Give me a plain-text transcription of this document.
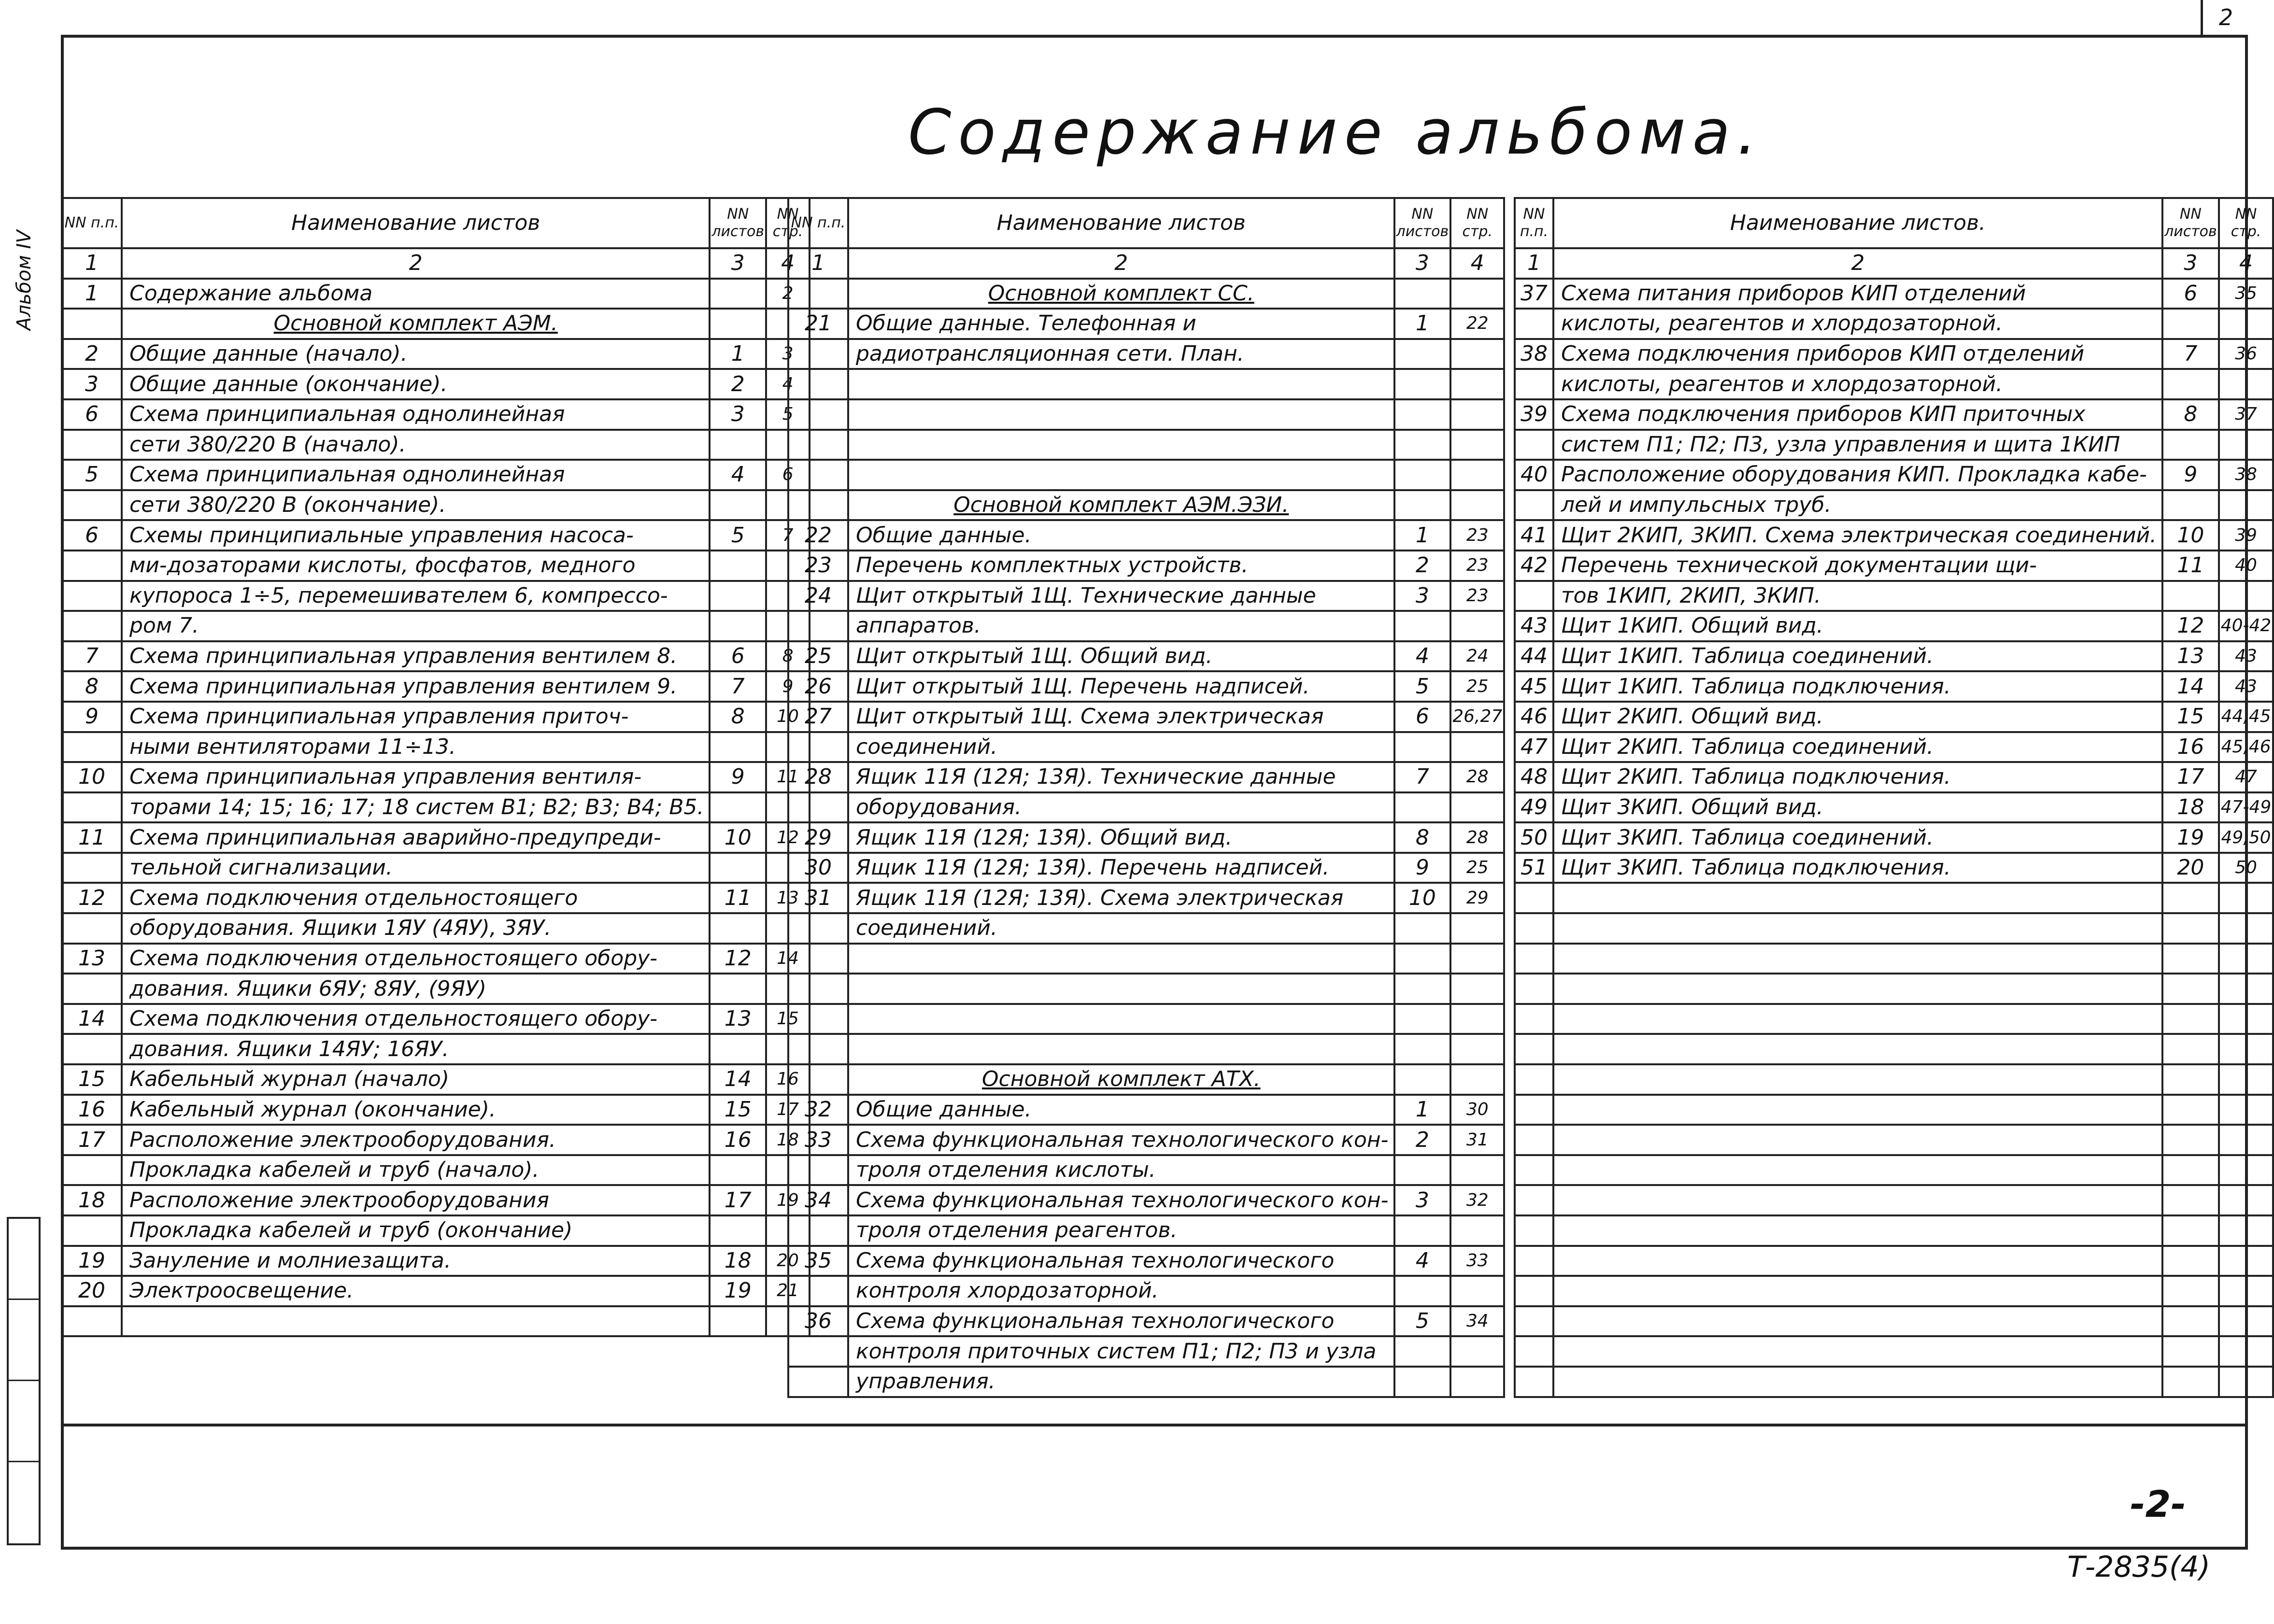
2
Содержание альбома.
Альбом IV
NN п.п.	Наименование листов	NN листов	NN стр.
1	2	3	4
1	Содержание альбома		2
	Основной комплект АЭМ.		
2	Общие данные (начало).	1	3
3	Общие данные (окончание).	2	4
6	Схема принципиальная однолинейная	3	5
	сети 380/220 В (начало).		
5	Схема принципиальная однолинейная	4	6
	сети 380/220 В (окончание).		
6	Схемы принципиальные управления насоса-	5	7
	ми-дозаторами кислоты, фосфатов, медного		
	купороса 1÷5, перемешивателем 6, компрессо-		
	ром 7.		
7	Схема принципиальная управления вентилем 8.	6	8
8	Схема принципиальная управления вентилем 9.	7	9
9	Схема принципиальная управления приточ-	8	10
	ными вентиляторами 11÷13.		
10	Схема принципиальная управления вентиля-	9	11
	торами 14; 15; 16; 17; 18 систем В1; В2; В3; В4; В5.		
11	Схема принципиальная аварийно-предупреди-	10	12
	тельной сигнализации.		
12	Схема подключения отдельностоящего	11	13
	оборудования. Ящики 1ЯУ (4ЯУ), 3ЯУ.		
13	Схема подключения отдельностоящего обору-	12	14
	дования. Ящики 6ЯУ; 8ЯУ, (9ЯУ)		
14	Схема подключения отдельностоящего обору-	13	15
	дования. Ящики 14ЯУ; 16ЯУ.		
15	Кабельный журнал (начало)	14	16
16	Кабельный журнал (окончание).	15	17
17	Расположение электрооборудования.	16	18
	Прокладка кабелей и труб (начало).		
18	Расположение электрооборудования	17	19
	Прокладка кабелей и труб (окончание)		
19	Зануление и молниезащита.	18	20
20	Электроосвещение.	19	21

NN п.п.	Наименование листов	NN листов	NN стр.
1	2	3	4
	Основной комплект СС.		
21	Общие данные. Телефонная и	1	22
	радиотрансляционная сети. План.		

	Основной комплект АЭМ.ЭЗИ.		
22	Общие данные.	1	23
23	Перечень комплектных устройств.	2	23
24	Щит открытый 1Щ. Технические данные	3	23
	аппаратов.		
25	Щит открытый 1Щ. Общий вид.	4	24
26	Щит открытый 1Щ. Перечень надписей.	5	25
27	Щит открытый 1Щ. Схема электрическая	6	26,27
	соединений.		
28	Ящик 11Я (12Я; 13Я). Технические данные	7	28
	оборудования.		
29	Ящик 11Я (12Я; 13Я). Общий вид.	8	28
30	Ящик 11Я (12Я; 13Я). Перечень надписей.	9	25
31	Ящик 11Я (12Я; 13Я). Схема электрическая	10	29
	соединений.		

	Основной комплект АТХ.		
32	Общие данные.	1	30
33	Схема функциональная технологического кон-	2	31
	троля отделения кислоты.		
34	Схема функциональная технологического кон-	3	32
	троля отделения реагентов.		
35	Схема функциональная технологического	4	33
	контроля хлордозаторной.		
36	Схема функциональная технологического	5	34
	контроля приточных систем П1; П2; П3 и узла		
	управления.		
NN п.п.	Наименование листов.	NN листов	NN стр.
1	2	3	4
37	Схема питания приборов КИП отделений	6	35
	кислоты, реагентов и хлордозаторной.		
38	Схема подключения приборов КИП отделений	7	36
	кислоты, реагентов и хлордозаторной.		
39	Схема подключения приборов КИП приточных	8	37
	систем П1; П2; П3, узла управления и щита 1КИП		
40	Расположение оборудования КИП. Прокладка кабе-	9	38
	лей и импульсных труб.		
41	Щит 2КИП, 3КИП. Схема электрическая соединений.	10	39
42	Перечень технической документации щи-	11	40
	тов 1КИП, 2КИП, 3КИП.		
43	Щит 1КИП. Общий вид.	12	40-42
44	Щит 1КИП. Таблица соединений.	13	43
45	Щит 1КИП. Таблица подключения.	14	43
46	Щит 2КИП. Общий вид.	15	44,45
47	Щит 2КИП. Таблица соединений.	16	45,46
48	Щит 2КИП. Таблица подключения.	17	47
49	Щит 3КИП. Общий вид.	18	47-49
50	Щит 3КИП. Таблица соединений.	19	49,50
51	Щит 3КИП. Таблица подключения.	20	50

-2-
Т-2835(4)
